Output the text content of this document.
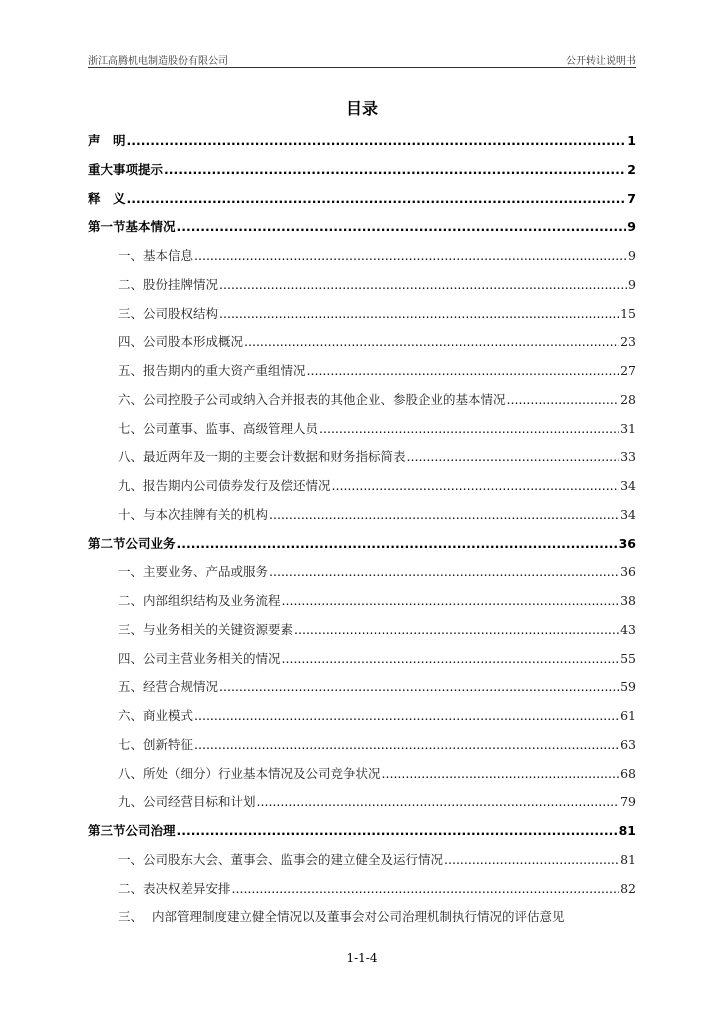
浙江高腾机电制造股份有限公司	公开转让说明书
目录
声　明 .....	1
重大事项提示 .....	2
释　义 .....	7
第一节 基本情况 .....	9
一、 基本信息 .....	9
二、 股份挂牌情况 .....	9
三、 公司股权结构 .....	15
四、 公司股本形成概况 .....	23
五、 报告期内的重大资产重组情况 .....	27
六、 公司控股子公司或纳入合并报表的其他企业、参股企业的基本情况 .....	28
七、 公司董事、监事、高级管理人员 .....	31
八、 最近两年及一期的主要会计数据和财务指标简表 .....	33
九、 报告期内公司债券发行及偿还情况 .....	34
十、 与本次挂牌有关的机构 .....	34
第二节 公司业务 .....	36
一、 主要业务、产品或服务 .....	36
二、 内部组织结构及业务流程 .....	38
三、 与业务相关的关键资源要素 .....	43
四、 公司主营业务相关的情况 .....	55
五、 经营合规情况 .....	59
六、 商业模式 .....	61
七、 创新特征 .....	63
八、 所处（细分）行业基本情况及公司竞争状况 .....	68
九、 公司经营目标和计划 .....	79
第三节 公司治理 .....	81
一、 公司股东大会、董事会、监事会的建立健全及运行情况 .....	81
二、 表决权差异安排 .....	82
三、 内部管理制度建立健全情况以及董事会对公司治理机制执行情况的评估意见
1-1-4
